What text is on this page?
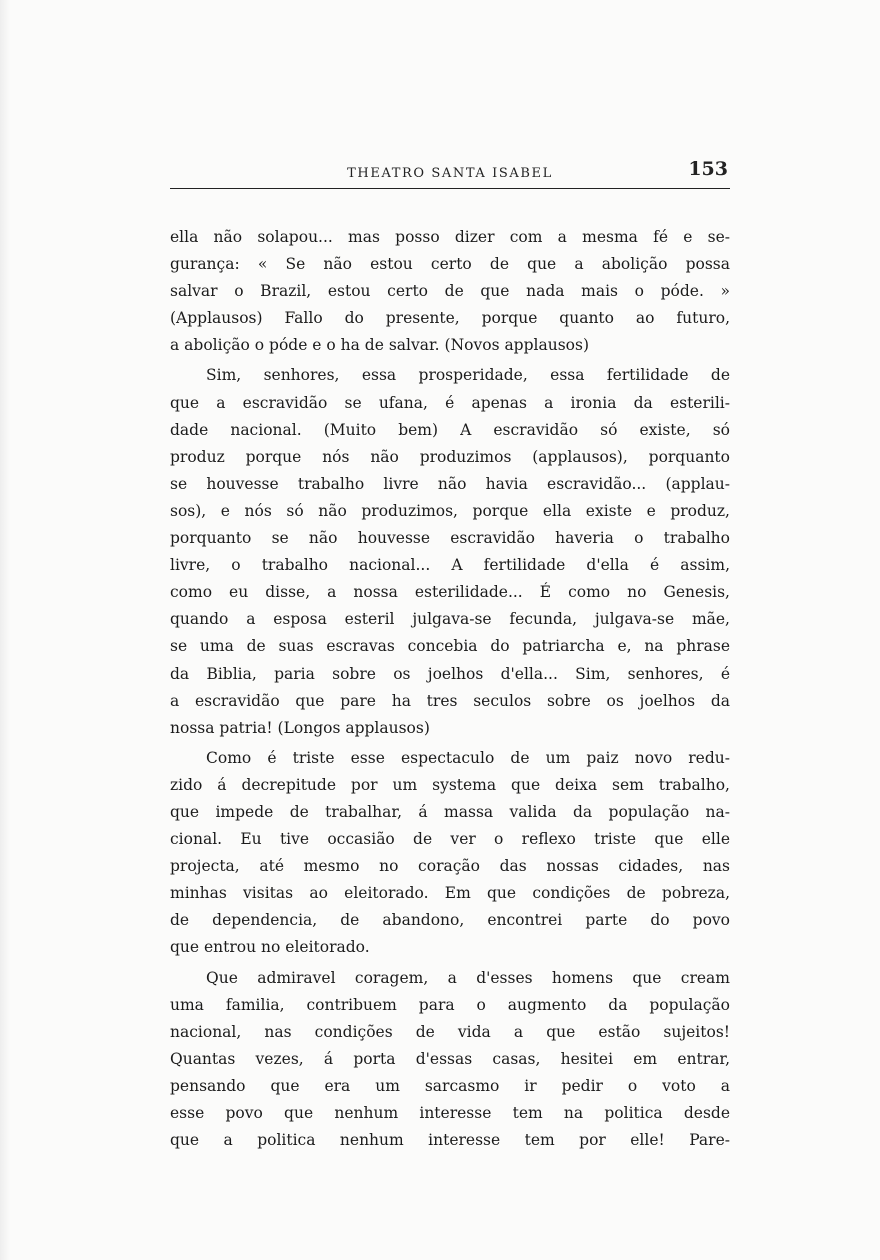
THEATRO SANTA ISABEL	153
ella não solapou... mas posso dizer com a mesma fé e se-
gurança: « Se não estou certo de que a abolição possa
salvar o Brazil, estou certo de que nada mais o póde. »
(Applausos) Fallo do presente, porque quanto ao futuro,
a abolição o póde e o ha de salvar. (Novos applausos)
Sim, senhores, essa prosperidade, essa fertilidade de
que a escravidão se ufana, é apenas a ironia da esterili-
dade nacional. (Muito bem) A escravidão só existe, só
produz porque nós não produzimos (applausos), porquanto
se houvesse trabalho livre não havia escravidão... (applau-
sos), e nós só não produzimos, porque ella existe e produz,
porquanto se não houvesse escravidão haveria o trabalho
livre, o trabalho nacional... A fertilidade d'ella é assim,
como eu disse, a nossa esterilidade... É como no Genesis,
quando a esposa esteril julgava-se fecunda, julgava-se mãe,
se uma de suas escravas concebia do patriarcha e, na phrase
da Biblia, paria sobre os joelhos d'ella... Sim, senhores, é
a escravidão que pare ha tres seculos sobre os joelhos da
nossa patria! (Longos applausos)
Como é triste esse espectaculo de um paiz novo redu-
zido á decrepitude por um systema que deixa sem trabalho,
que impede de trabalhar, á massa valida da população na-
cional. Eu tive occasião de ver o reflexo triste que elle
projecta, até mesmo no coração das nossas cidades, nas
minhas visitas ao eleitorado. Em que condições de pobreza,
de dependencia, de abandono, encontrei parte do povo
que entrou no eleitorado.
Que admiravel coragem, a d'esses homens que cream
uma familia, contribuem para o augmento da população
nacional, nas condições de vida a que estão sujeitos!
Quantas vezes, á porta d'essas casas, hesitei em entrar,
pensando que era um sarcasmo ir pedir o voto a
esse povo que nenhum interesse tem na politica desde
que a politica nenhum interesse tem por elle! Pare-
